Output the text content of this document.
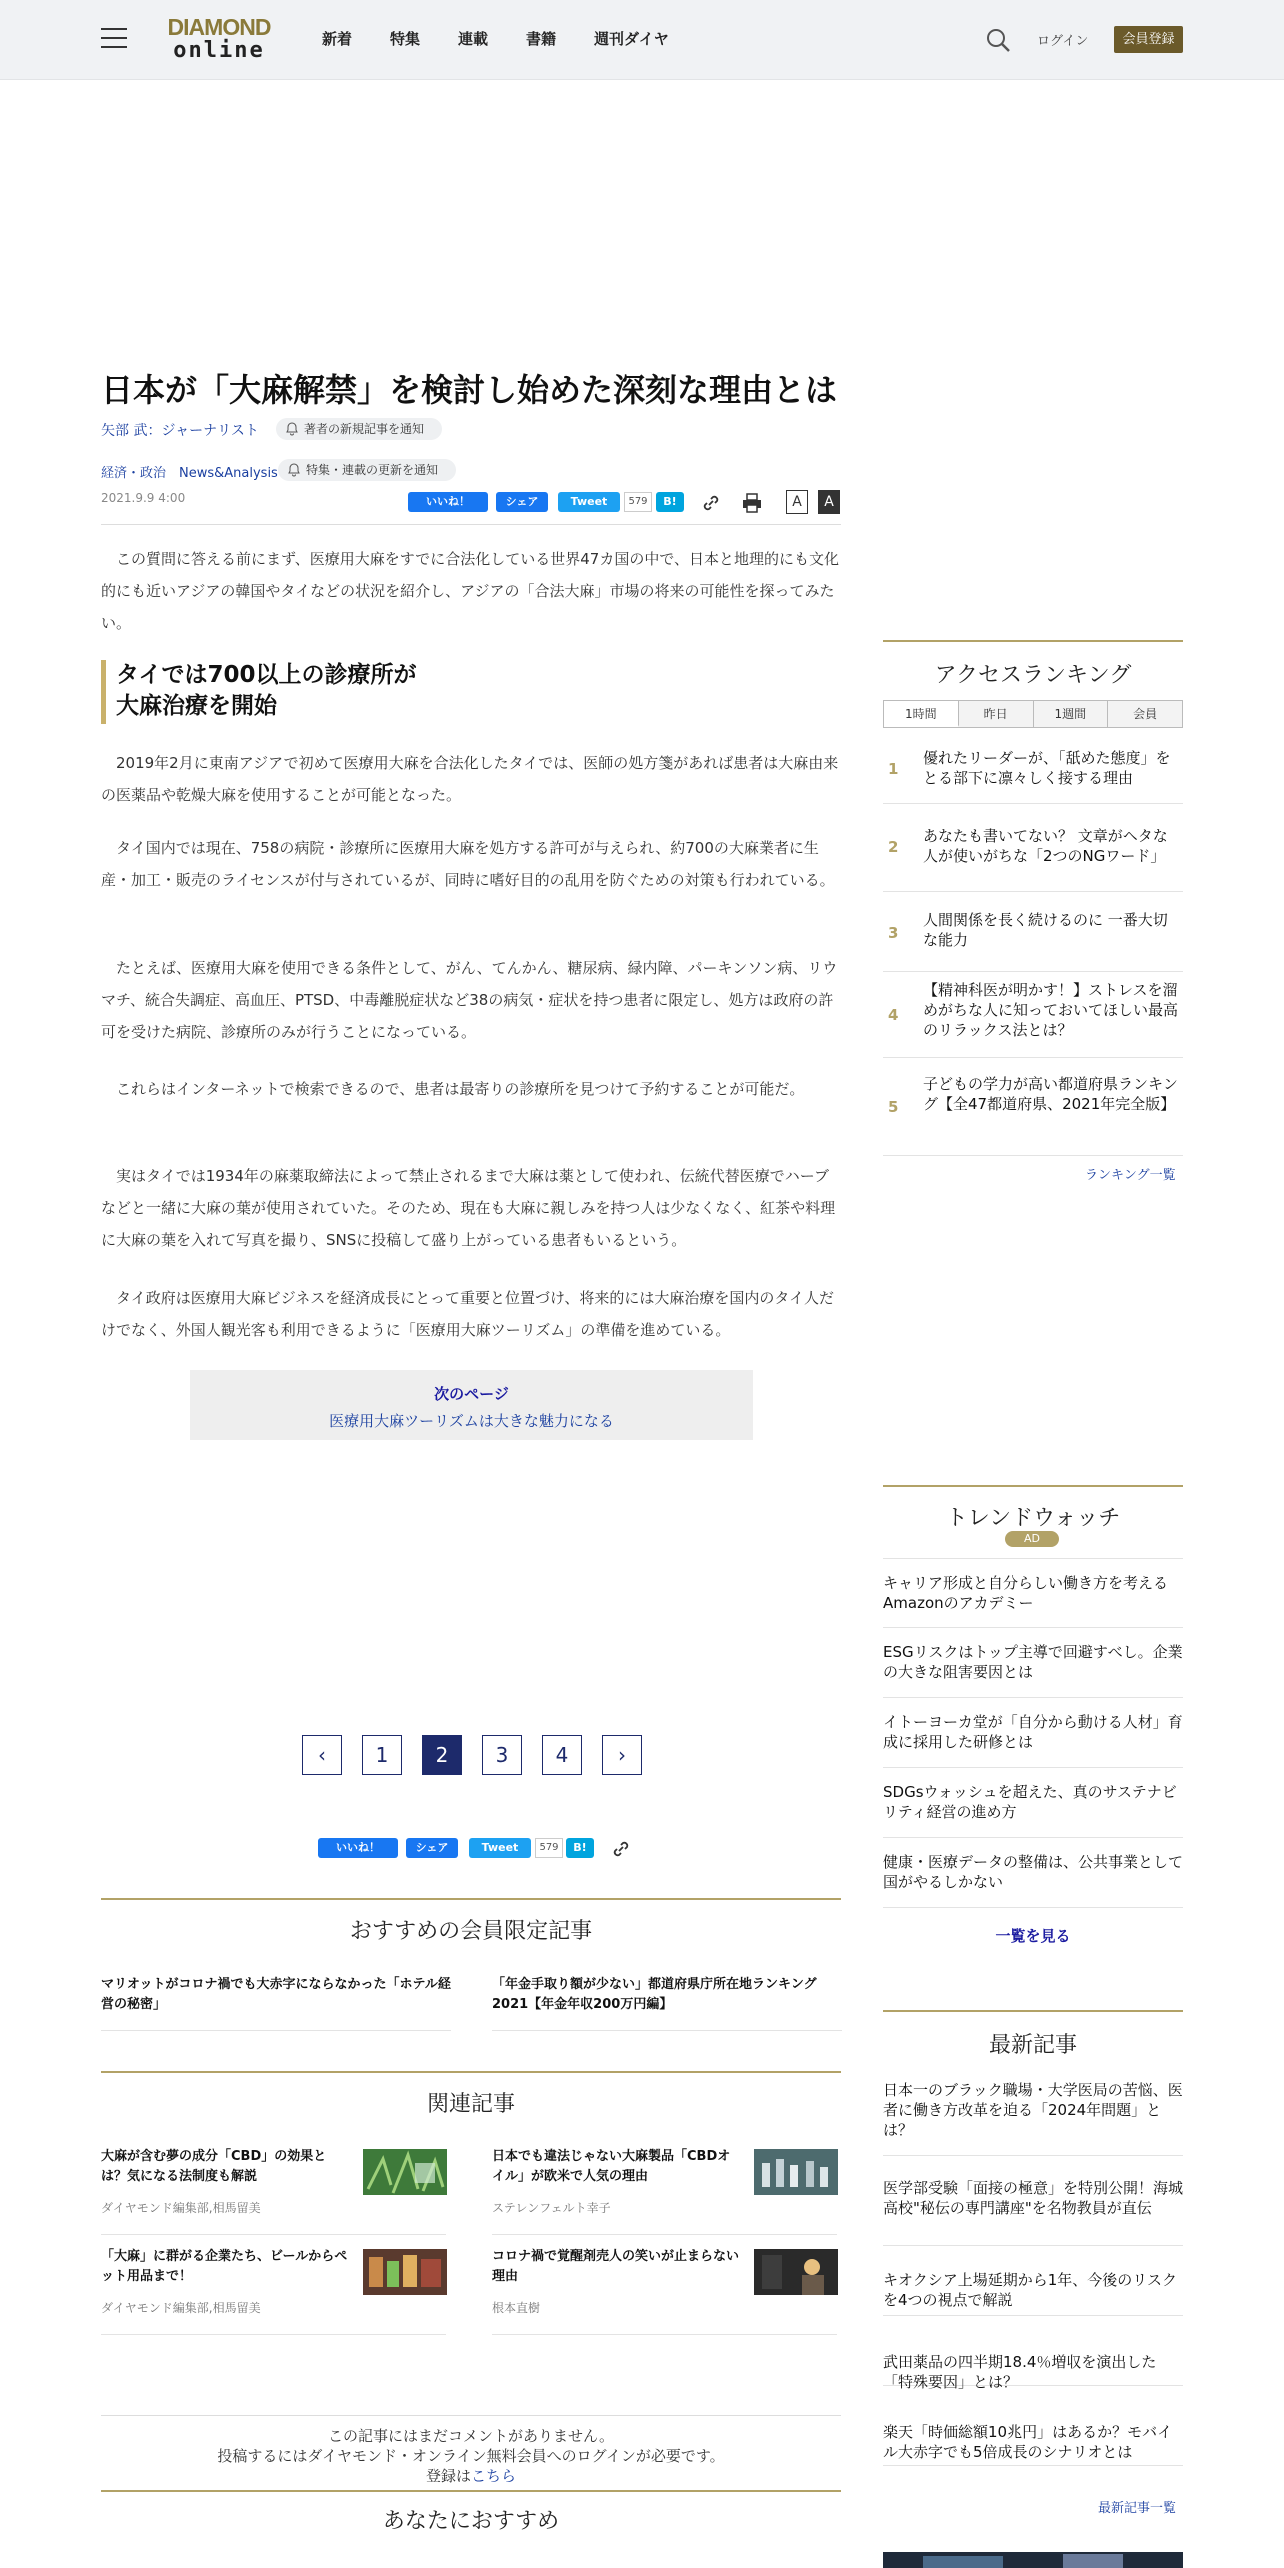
DIAMOND
online	新着	特集	連載	書籍	週刊ダイヤ	ログイン	会員登録
日本が「大麻解禁」を検討し始めた深刻な理由とは
矢部 武：ジャーナリスト	著者の新規記事を通知
経済・政治　News&Analysis	特集・連載の更新を通知
2021.9.9 4:00	いいね！	シェア	Tweet	579	B!	A	A

この質問に答える前にまず、医療用大麻をすでに合法化している世界47カ国の中で、日本と地理的にも文化的にも近いアジアの韓国やタイなどの状況を紹介し、アジアの「合法大麻」市場の将来の可能性を探ってみたい。

タイでは700以上の診療所が
大麻治療を開始

2019年2月に東南アジアで初めて医療用大麻を合法化したタイでは、医師の処方箋があれば患者は大麻由来の医薬品や乾燥大麻を使用することが可能となった。

タイ国内では現在、758の病院・診療所に医療用大麻を処方する許可が与えられ、約700の大麻業者に生産・加工・販売のライセンスが付与されているが、同時に嗜好目的の乱用を防ぐための対策も行われている。

たとえば、医療用大麻を使用できる条件として、がん、てんかん、糖尿病、緑内障、パーキンソン病、リウマチ、統合失調症、高血圧、PTSD、中毒離脱症状など38の病気・症状を持つ患者に限定し、処方は政府の許可を受けた病院、診療所のみが行うことになっている。

これらはインターネットで検索できるので、患者は最寄りの診療所を見つけて予約することが可能だ。

実はタイでは1934年の麻薬取締法によって禁止されるまで大麻は薬として使われ、伝統代替医療でハーブなどと一緒に大麻の葉が使用されていた。そのため、現在も大麻に親しみを持つ人は少なくなく、紅茶や料理に大麻の葉を入れて写真を撮り、SNSに投稿して盛り上がっている患者もいるという。

タイ政府は医療用大麻ビジネスを経済成長にとって重要と位置づけ、将来的には大麻治療を国内のタイ人だけでなく、外国人観光客も利用できるように「医療用大麻ツーリズム」の準備を進めている。

次のページ
医療用大麻ツーリズムは大きな魅力になる
‹	1	2	3	4	›
いいね！	シェア	Tweet	579	B!
おすすめの会員限定記事
マリオットがコロナ禍でも大赤字にならなかった「ホテル経営の秘密」
「年金手取り額が少ない」都道府県庁所在地ランキング2021【年金年収200万円編】
関連記事
大麻が含む夢の成分「CBD」の効果とは？気になる法制度も解説
ダイヤモンド編集部,相馬留美
日本でも違法じゃない大麻製品「CBDオイル」が欧米で人気の理由
ステレンフェルト幸子
「大麻」に群がる企業たち、ビールからペット用品まで！
ダイヤモンド編集部,相馬留美
コロナ禍で覚醒剤売人の笑いが止まらない理由
根本直樹
この記事にはまだコメントがありません。
投稿するにはダイヤモンド・オンライン無料会員へのログインが必要です。
登録はこちら
あなたにおすすめ
アクセスランキング
1時間	昨日	1週間	会員
1
優れたリーダーが、「舐めた態度」をとる部下に凛々しく接する理由
2
あなたも書いてない？ 文章がヘタな人が使いがちな「2つのNGワード」
3
人間関係を長く続けるのに 一番大切な能力
4
【精神科医が明かす！】ストレスを溜めがちな人に知っておいてほしい最高のリラックス法とは？
5
子どもの学力が高い都道府県ランキング【全47都道府県、2021年完全版】
ランキング一覧
トレンドウォッチ
AD
キャリア形成と自分らしい働き方を考えるAmazonのアカデミー
ESGリスクはトップ主導で回避すべし。企業の大きな阻害要因とは
イトーヨーカ堂が「自分から動ける人材」育成に採用した研修とは
SDGsウォッシュを超えた、真のサステナビリティ経営の進め方
健康・医療データの整備は、公共事業として国がやるしかない
一覧を見る
最新記事
日本一のブラック職場・大学医局の苦悩、医者に働き方改革を迫る「2024年問題」とは？
医学部受験「面接の極意」を特別公開！海城高校"秘伝の専門講座"を名物教員が直伝
キオクシア上場延期から1年、今後のリスクを4つの視点で解説
武田薬品の四半期18.4％増収を演出した「特殊要因」とは？
楽天「時価総額10兆円」はあるか？モバイル大赤字でも5倍成長のシナリオとは
最新記事一覧
